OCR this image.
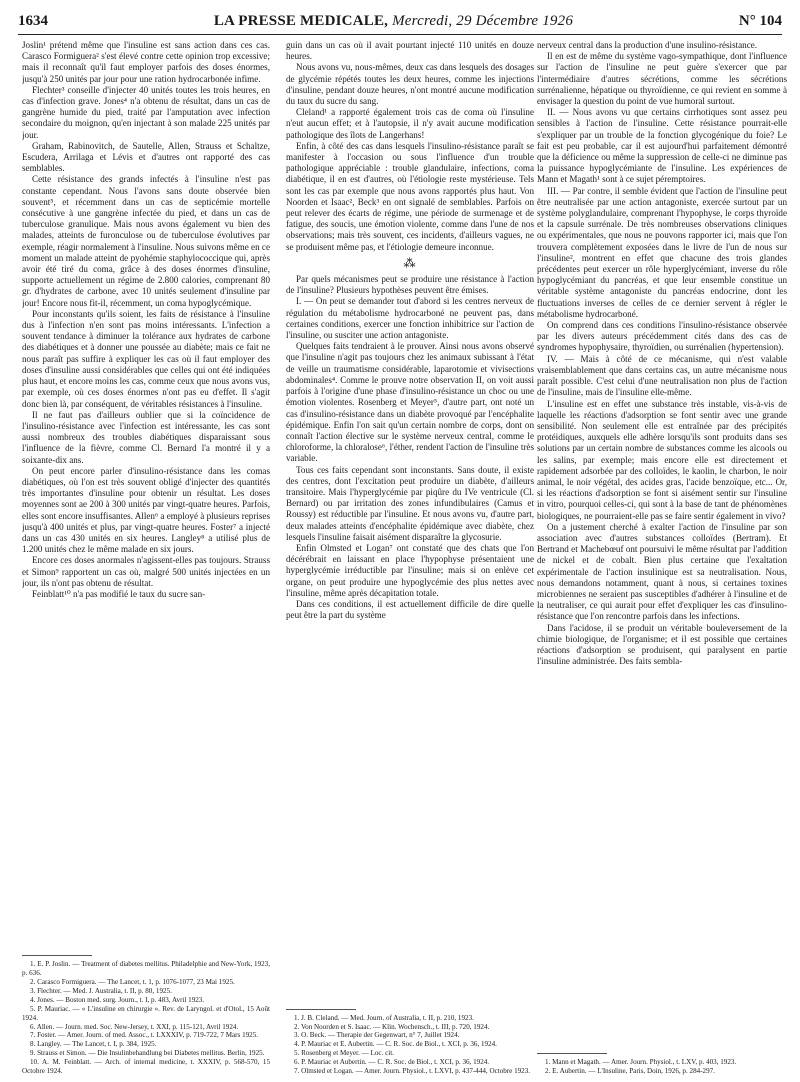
1634	LA PRESSE MEDICALE, Mercredi, 29 Décembre 1926	N° 104

Joslin¹ prétend même que l'insuline est sans action dans ces cas. Carasco Formiguera² s'est élevé contre cette opinion trop excessive; mais il reconnaît qu'il faut employer parfois des doses énormes, jusqu'à 250 unités par jour pour une ration hydrocarbonée infime.

Flechter³ conseille d'injecter 40 unités toutes les trois heures, en cas d'infection grave. Jones⁴ n'a obtenu de résultat, dans un cas de gangrène humide du pied, traité par l'amputation avec infection secondaire du moignon, qu'en injectant à son malade 225 unités par jour.

Graham, Rabinovitch, de Sautelle, Allen, Strauss et Schaltze, Escudera, Arrilaga et Lévis et d'autres ont rapporté des cas semblables.

Cette résistance des grands infectés à l'insuline n'est pas constante cependant. Nous l'avons sans doute observée bien souvent⁵, et récemment dans un cas de septicémie mortelle consécutive à une gangrène infectée du pied, et dans un cas de tuberculose granulique. Mais nous avons également vu bien des malades, atteints de furonculose ou de tuberculose évolutives par exemple, réagir normalement à l'insuline. Nous suivons même en ce moment un malade atteint de pyohémie staphylococcique qui, après avoir été tiré du coma, grâce à des doses énormes d'insuline, supporte actuellement un régime de 2.800 calories, comprenant 80 gr. d'hydrates de carbone, avec 10 unités seulement d'insuline par jour! Encore nous fit-il, récemment, un coma hypoglycémique.

Pour inconstants qu'ils soient, les faits de résistance à l'insuline dus à l'infection n'en sont pas moins intéressants. L'infection a souvent tendance à diminuer la tolérance aux hydrates de carbone des diabétiques et à donner une poussée au diabète; mais ce fait ne nous paraît pas suffire à expliquer les cas où il faut employer des doses d'insuline aussi considérables que celles qui ont été indiquées plus haut, et encore moins les cas, comme ceux que nous avons vus, par exemple, où ces doses énormes n'ont pas eu d'effet. Il s'agit donc bien là, par conséquent, de véritables résistances à l'insuline.

Il ne faut pas d'ailleurs oublier que si la coïncidence de l'insulino-résistance avec l'infection est intéressante, les cas sont aussi nombreux des troubles diabétiques disparaissant sous l'influence de la fièvre, comme Cl. Bernard l'a montré il y a soixante-dix ans.

On peut encore parler d'insulino-résistance dans les comas diabétiques, où l'on est très souvent obligé d'injecter des quantités très importantes d'insuline pour obtenir un résultat. Les doses moyennes sont ae 200 à 300 unités par vingt-quatre heures. Parfois, elles sont encore insuffisantes. Allen⁶ a employé à plusieurs reprises jusqu'à 400 unités et plus, par vingt-quatre heures. Foster⁷ a injecté dans un cas 430 unités en six heures. Langley⁸ a utilisé plus de 1.200 unités chez le même malade en six jours.

Encore ces doses anormales n'agissent-elles pas toujours. Strauss et Simon⁹ rapportent un cas où, malgré 500 unités injectées en un jour, ils n'ont pas obtenu de résultat.

Feinblatt¹⁰ n'a pas modifié le taux du sucre san-

1. E. P. Joslin. — Treatment of diabetes mellitus. Philadelphie and New-York, 1923, p. 636.
2. Carasco Formiguera. — The Lancet, t. 1, p. 1076-1077, 23 Mai 1925.
3. Flechter. — Med. J. Australia, t. II, p. 80, 1925.
4. Jones. — Boston med. surg. Journ., t. I, p. 483, Avril 1923.
5. P. Mauriac. — « L'insuline en chirurgie ». Rev. de Laryngol. et d'Otol., 15 Août 1924.
6. Allen. — Journ. med. Soc. New-Jersey, t. XXI, p. 115-121, Avril 1924.
7. Foster. — Amer. Journ. of med. Assoc., t. LXXXIV, p. 719-722, 7 Mars 1925.
8. Langley. — The Lancet, t. I, p. 384, 1925.
9. Strauss et Simon. — Die Insulinbehandlung bei Diabetes mellitus. Berlin, 1925.
10. A. M. Feinblatt. — Arch. of internal medicine, t. XXXIV, p. 568-570, 15 Octobre 1924.

guin dans un cas où il avait pourtant injecté 110 unités en douze heures.

Nous avons vu, nous-mêmes, deux cas dans lesquels des dosages de glycémie répétés toutes les deux heures, comme les injections d'insuline, pendant douze heures, n'ont montré aucune modification du taux du sucre du sang.

Cleland¹ a rapporté également trois cas de coma où l'insuline n'eut aucun effet; et à l'autopsie, il n'y avait aucune modification pathologique des îlots de Langerhans!

Enfin, à côté des cas dans lesquels l'insulino-résistance paraît se manifester à l'occasion ou sous l'influence d'un trouble pathologique appréciable : trouble glandulaire, infections, coma diabétique, il en est d'autres, où l'étiologie reste mystérieuse. Tels sont les cas par exemple que nous avons rapportés plus haut. Von Noorden et Isaac², Beck³ en ont signalé de semblables. Parfois on peut relever des écarts de régime, une période de surmenage et de fatigue, des soucis, une émotion violente, comme dans l'une de nos observations; mais très souvent, ces incidents, d'ailleurs vagues, ne se produisent même pas, et l'étiologie demeure inconnue.

⁂

Par quels mécanismes peut se produire une résistance à l'action de l'insuline? Plusieurs hypothèses peuvent être émises.

I. — On peut se demander tout d'abord si les centres nerveux de régulation du métabolisme hydrocarboné ne peuvent pas, dans certaines conditions, exercer une fonction inhibitrice sur l'action de l'insuline, ou susciter une action antagoniste.

Quelques faits tendraient à le prouver. Ainsi nous avons observé que l'insuline n'agit pas toujours chez les animaux subissant à l'état de veille un traumatisme considérable, laparotomie et vivisections abdominales⁴. Comme le prouve notre observation II, on voit aussi parfois à l'origine d'une phase d'insulino-résistance un choc ou une émotion violentes. Rosenberg et Meyer⁵, d'autre part, ont noté un cas d'insulino-résistance dans un diabète provoqué par l'encéphalite épidémique. Enfin l'on sait qu'un certain nombre de corps, dont on connaît l'action élective sur le système nerveux central, comme le chloroforme, la chloralose⁶, l'éther, rendent l'action de l'insuline très variable.

Tous ces faits cependant sont inconstants. Sans doute, il existe des centres, dont l'excitation peut produire un diabète, d'ailleurs transitoire. Mais l'hyperglycémie par piqûre du IVe ventricule (Cl. Bernard) ou par irritation des zones infundibulaires (Camus et Roussy) est réductible par l'insuline. Et nous avons vu, d'autre part, deux malades atteints d'encéphalite épidémique avec diabète, chez lesquels l'insuline faisait aisément disparaître la glycosurie.

Enfin Olmsted et Logan⁷ ont constaté que des chats que l'on décérébrait en laissant en place l'hypophyse présentaient une hyperglycémie irréductible par l'insuline; mais si on enlève cet organe, on peut produire une hypoglycémie des plus nettes avec l'insuline, même après décapitation totale.

Dans ces conditions, il est actuellement difficile de dire quelle peut être la part du système

1. J. B. Cleland. — Med. Journ. of Australia, t. II, p. 210, 1923.
2. Von Noorden et S. Isaac. — Klin. Wochensch., t. III, p. 720, 1924.
3. O. Beck. — Therapie der Gegenwart, n° 7, Juillet 1924.
4. P. Mauriac et E. Aubertin. — C. R. Soc. de Biol., t. XCI, p. 36, 1924.
5. Rosenberg et Meyer. — Loc. cit.
6. P. Mauriac et Aubertin. — C. R. Soc. de Biol., t. XCI, p. 36, 1924.
7. Olmsted et Logan. — Amer. Journ. Physiol., t. LXVI, p. 437-444, Octobre 1923.

nerveux central dans la production d'une insulino-résistance.

Il en est de même du système vago-sympathique, dont l'influence sur l'action de l'insuline ne peut guère s'exercer que par l'intermédiaire d'autres sécrétions, comme les sécrétions surrénalienne, hépatique ou thyroïdienne, ce qui revient en somme à envisager la question du point de vue humoral surtout.

II. — Nous avons vu que certains cirrhotiques sont assez peu sensibles à l'action de l'insuline. Cette résistance pourrait-elle s'expliquer par un trouble de la fonction glycogénique du foie? Le fait est peu probable, car il est aujourd'hui parfaitement démontré que la déficience ou même la suppression de celle-ci ne diminue pas la puissance hypoglycémiante de l'insuline. Les expériences de Mann et Magath¹ sont à ce sujet péremptoires.

III. — Par contre, il semble évident que l'action de l'insuline peut être neutralisée par une action antagoniste, exercée surtout par un système polyglandulaire, comprenant l'hypophyse, le corps thyroïde et la capsule surrénale. De très nombreuses observations cliniques ou expérimentales, que nous ne pouvons rapporter ici, mais que l'on trouvera complètement exposées dans le livre de l'un de nous sur l'insuline², montrent en effet que chacune des trois glandes précédentes peut exercer un rôle hyperglycémiant, inverse du rôle hypoglycémiant du pancréas, et que leur ensemble constitue un véritable système antagoniste du pancréas endocrine, dont les fluctuations inverses de celles de ce dernier servent à régler le métabolisme hydrocarboné.

On comprend dans ces conditions l'insulino-résistance observée par les divers auteurs précédemment cités dans des cas de syndromes hypophysaire, thyroïdien, ou surrénalien (hypertension).

IV. — Mais à côté de ce mécanisme, qui n'est valable vraisemblablement que dans certains cas, un autre mécanisme nous paraît possible. C'est celui d'une neutralisation non plus de l'action de l'insuline, mais de l'insuline elle-même.

L'insuline est en effet une substance très instable, vis-à-vis de laquelle les réactions d'adsorption se font sentir avec une grande sensibilité. Non seulement elle est entraînée par des précipités protéidiques, auxquels elle adhère lorsqu'ils sont produits dans ses solutions par un certain nombre de substances comme les alcools ou les salins, par exemple; mais encore elle est directement et rapidement adsorbée par des colloïdes, le kaolin, le charbon, le noir animal, le noir végétal, des acides gras, l'acide benzoïque, etc... Or, si les réactions d'adsorption se font si aisément sentir sur l'insuline in vitro, pourquoi celles-ci, qui sont à la base de tant de phénomènes biologiques, ne pourraient-elle pas se faire sentir également in vivo?

On a justement cherché à exalter l'action de l'insuline par son association avec d'autres substances colloïdes (Bertram). Et Bertrand et Machebœuf ont poursuivi le même résultat par l'addition de nickel et de cobalt. Bien plus certaine que l'exaltation expérimentale de l'action insulinique est sa neutralisation. Nous, nous demandons notamment, quant à nous, si certaines toxines microbiennes ne seraient pas susceptibles d'adhérer à l'insuline et de la neutraliser, ce qui aurait pour effet d'expliquer les cas d'insulino-résistance que l'on rencontre parfois dans les infections.

Dans l'acidose, il se produit un véritable bouleversement de la chimie biologique, de l'organisme; et il est possible que certaines réactions d'adsorption se produisent, qui paralysent en partie l'insuline administrée. Des faits sembla-

1. Mann et Magath. — Amer. Journ. Physiol., t. LXV, p. 403, 1923.
2. E. Aubertin. — L'Insuline, Paris, Doin, 1926, p. 284-297.
